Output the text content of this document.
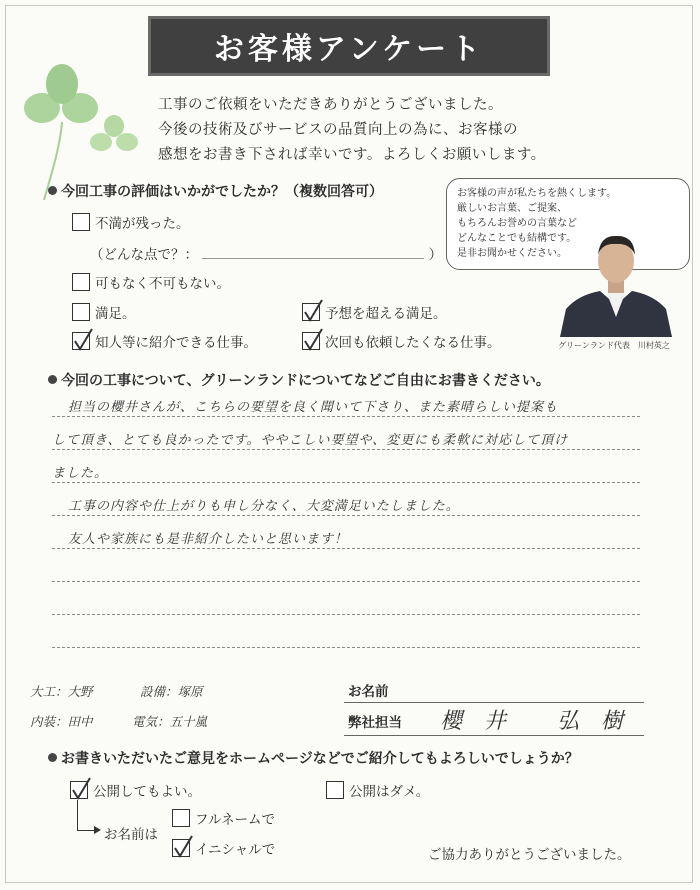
お客様アンケート
工事のご依頼をいただきありがとうございました。
今後の技術及びサービスの品質向上の為に、お客様の
感想をお書き下されば幸いです。よろしくお願いします。
今回工事の評価はいかがでしたか？（複数回答可）
不満が残った。
（どんな点で？：	）
可もなく不可もない。
満足。	予想を超える満足。
知人等に紹介できる仕事。	次回も依頼したくなる仕事。
お客様の声が私たちを熱くします。
厳しいお言葉、ご提案、
もちろんお誉めの言葉など
どんなことでも結構です。
是非お聞かせください。
グリーンランド代表　川村英之
今回の工事について、グリーンランドについてなどご自由にお書きください。
担当の櫻井さんが、こちらの要望を良く聞いて下さり、また素晴らしい提案も
して頂き、とても良かったです。ややこしい要望や、変更にも柔軟に対応して頂け
ました。
工事の内容や仕上がりも申し分なく、大変満足いたしました。
友人や家族にも是非紹介したいと思います！
大工：大野	設備：塚原
内装：田中	電気：五十嵐
お名前
弊社担当 櫻井 弘樹
お書きいただいたご意見をホームページなどでご紹介してもよろしいでしょうか？
公開してもよい。	公開はダメ。
お名前は
フルネームで
イニシャルで	ご協力ありがとうございました。
